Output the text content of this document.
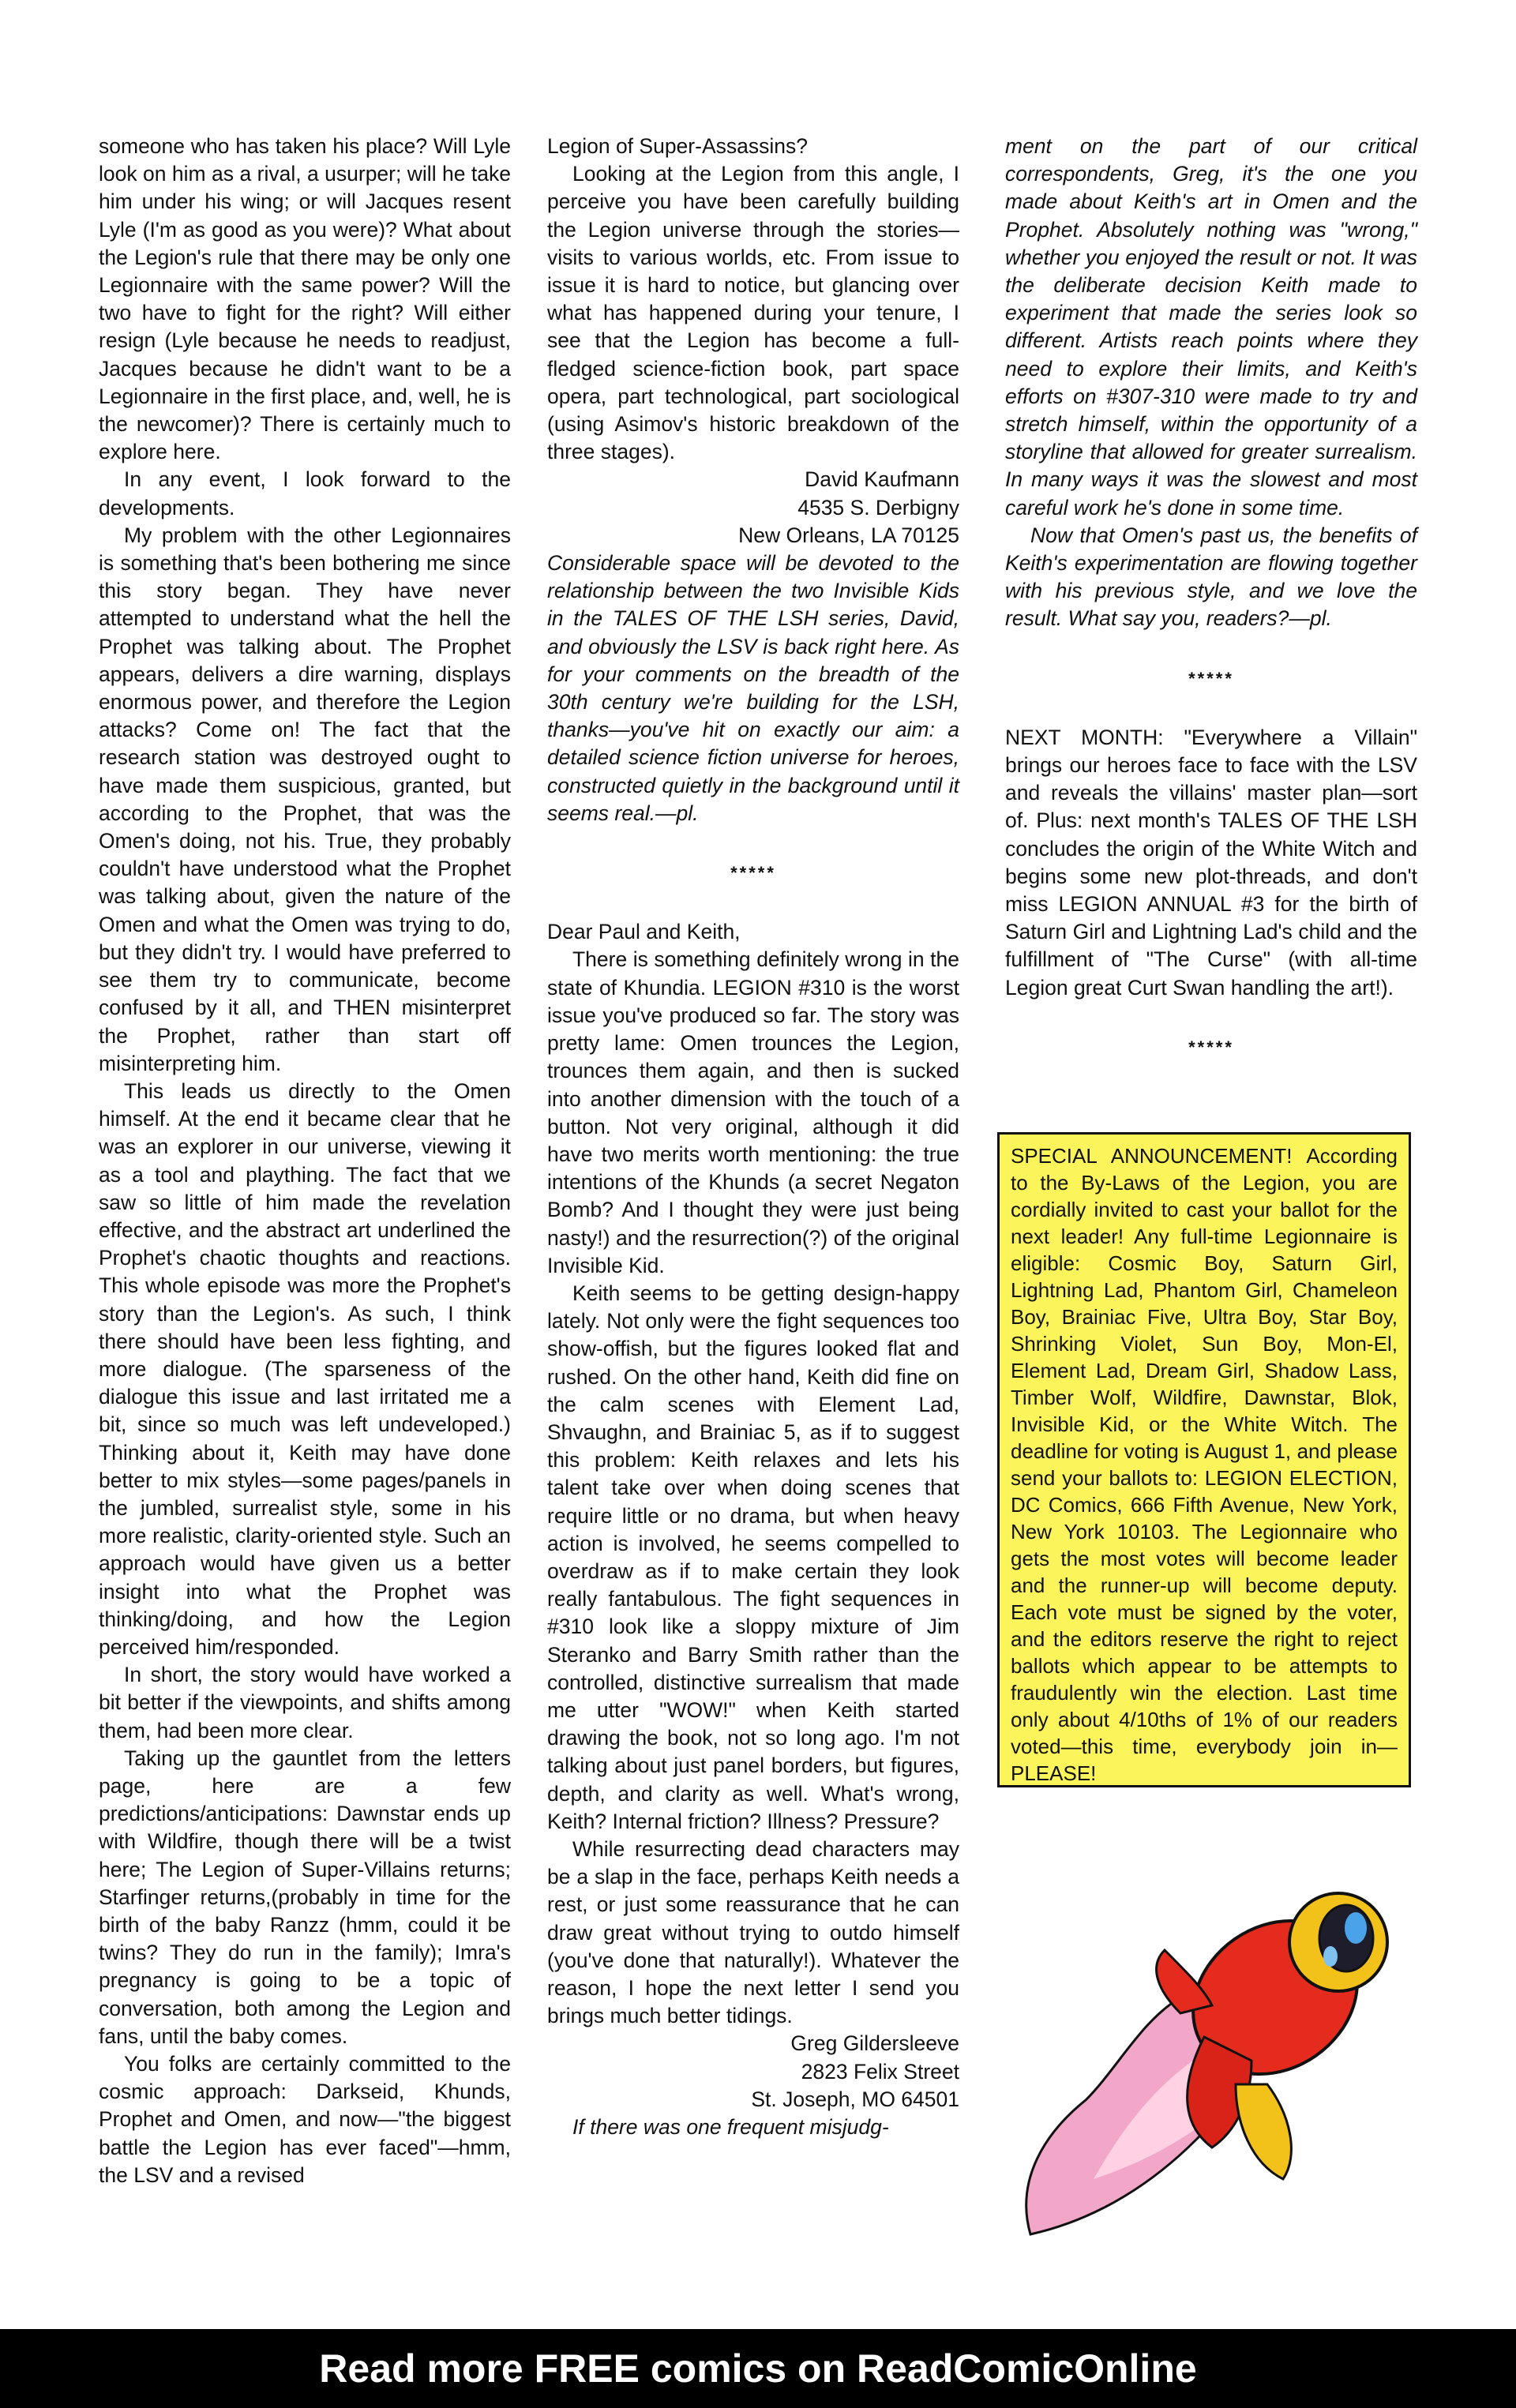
someone who has taken his place? Will Lyle look on him as a rival, a usurper; will he take him under his wing; or will Jacques resent Lyle (I'm as good as you were)? What about the Legion's rule that there may be only one Legionnaire with the same power? Will the two have to fight for the right? Will either resign (Lyle because he needs to readjust, Jacques because he didn't want to be a Legionnaire in the first place, and, well, he is the newcomer)? There is certainly much to explore here.

In any event, I look forward to the developments.

My problem with the other Legionnaires is something that's been bothering me since this story began. They have never attempted to understand what the hell the Prophet was talking about. The Prophet appears, delivers a dire warning, displays enormous power, and therefore the Legion attacks? Come on! The fact that the research station was destroyed ought to have made them suspicious, granted, but according to the Prophet, that was the Omen's doing, not his. True, they probably couldn't have understood what the Prophet was talking about, given the nature of the Omen and what the Omen was trying to do, but they didn't try. I would have preferred to see them try to communicate, become confused by it all, and THEN misinterpret the Prophet, rather than start off misinterpreting him.

This leads us directly to the Omen himself. At the end it became clear that he was an explorer in our universe, viewing it as a tool and plaything. The fact that we saw so little of him made the revelation effective, and the abstract art underlined the Prophet's chaotic thoughts and reactions. This whole episode was more the Prophet's story than the Legion's. As such, I think there should have been less fighting, and more dialogue. (The sparseness of the dialogue this issue and last irritated me a bit, since so much was left undeveloped.) Thinking about it, Keith may have done better to mix styles—some pages/panels in the jumbled, surrealist style, some in his more realistic, clarity-oriented style. Such an approach would have given us a better insight into what the Prophet was thinking/doing, and how the Legion perceived him/responded.

In short, the story would have worked a bit better if the viewpoints, and shifts among them, had been more clear.

Taking up the gauntlet from the letters page, here are a few predictions/anticipations: Dawnstar ends up with Wildfire, though there will be a twist here; The Legion of Super-Villains returns; Starfinger returns,(probably in time for the birth of the baby Ranzz (hmm, could it be twins? They do run in the family); Imra's pregnancy is going to be a topic of conversation, both among the Legion and fans, until the baby comes.

You folks are certainly committed to the cosmic approach: Darkseid, Khunds, Prophet and Omen, and now—"the biggest battle the Legion has ever faced"—hmm, the LSV and a revised

Legion of Super-Assassins?

Looking at the Legion from this angle, I perceive you have been carefully building the Legion universe through the stories—visits to various worlds, etc. From issue to issue it is hard to notice, but glancing over what has happened during your tenure, I see that the Legion has become a full-fledged science-fiction book, part space opera, part technological, part sociological (using Asimov's historic breakdown of the three stages).

David Kaufmann

4535 S. Derbigny

New Orleans, LA 70125

Considerable space will be devoted to the relationship between the two Invisible Kids in the TALES OF THE LSH series, David, and obviously the LSV is back right here. As for your comments on the breadth of the 30th century we're building for the LSH, thanks—you've hit on exactly our aim: a detailed science fiction universe for heroes, constructed quietly in the background until it seems real.—pl.

*****

Dear Paul and Keith,

There is something definitely wrong in the state of Khundia. LEGION #310 is the worst issue you've produced so far. The story was pretty lame: Omen trounces the Legion, trounces them again, and then is sucked into another dimension with the touch of a button. Not very original, although it did have two merits worth mentioning: the true intentions of the Khunds (a secret Negaton Bomb? And I thought they were just being nasty!) and the resurrection(?) of the original Invisible Kid.

Keith seems to be getting design-happy lately. Not only were the fight sequences too show-offish, but the figures looked flat and rushed. On the other hand, Keith did fine on the calm scenes with Element Lad, Shvaughn, and Brainiac 5, as if to suggest this problem: Keith relaxes and lets his talent take over when doing scenes that require little or no drama, but when heavy action is involved, he seems compelled to overdraw as if to make certain they look really fantabulous. The fight sequences in #310 look like a sloppy mixture of Jim Steranko and Barry Smith rather than the controlled, distinctive surrealism that made me utter "WOW!" when Keith started drawing the book, not so long ago. I'm not talking about just panel borders, but figures, depth, and clarity as well. What's wrong, Keith? Internal friction? Illness? Pressure?

While resurrecting dead characters may be a slap in the face, perhaps Keith needs a rest, or just some reassurance that he can draw great without trying to outdo himself (you've done that naturally!). Whatever the reason, I hope the next letter I send you brings much better tidings.

Greg Gildersleeve

2823 Felix Street

St. Joseph, MO 64501

If there was one frequent misjudg-

ment on the part of our critical correspondents, Greg, it's the one you made about Keith's art in Omen and the Prophet. Absolutely nothing was "wrong," whether you enjoyed the result or not. It was the deliberate decision Keith made to experiment that made the series look so different. Artists reach points where they need to explore their limits, and Keith's efforts on #307-310 were made to try and stretch himself, within the opportunity of a storyline that allowed for greater surrealism. In many ways it was the slowest and most careful work he's done in some time.

Now that Omen's past us, the benefits of Keith's experimentation are flowing together with his previous style, and we love the result. What say you, readers?—pl.

*****

NEXT MONTH: "Everywhere a Villain" brings our heroes face to face with the LSV and reveals the villains' master plan—sort of. Plus: next month's TALES OF THE LSH concludes the origin of the White Witch and begins some new plot-threads, and don't miss LEGION ANNUAL #3 for the birth of Saturn Girl and Lightning Lad's child and the fulfillment of "The Curse" (with all-time Legion great Curt Swan handling the art!).

*****
SPECIAL ANNOUNCEMENT! According to the By-Laws of the Legion, you are cordially invited to cast your ballot for the next leader! Any full-time Legionnaire is eligible: Cosmic Boy, Saturn Girl, Lightning Lad, Phantom Girl, Chameleon Boy, Brainiac Five, Ultra Boy, Star Boy, Shrinking Violet, Sun Boy, Mon-El, Element Lad, Dream Girl, Shadow Lass, Timber Wolf, Wildfire, Dawnstar, Blok, Invisible Kid, or the White Witch. The deadline for voting is August 1, and please send your ballots to: LEGION ELECTION, DC Comics, 666 Fifth Avenue, New York, New York 10103. The Legionnaire who gets the most votes will become leader and the runner-up will become deputy. Each vote must be signed by the voter, and the editors reserve the right to reject ballots which appear to be attempts to fraudulently win the election. Last time only about 4/10ths of 1% of our readers voted—this time, everybody join in—PLEASE!
Read more FREE comics on ReadComicOnline
